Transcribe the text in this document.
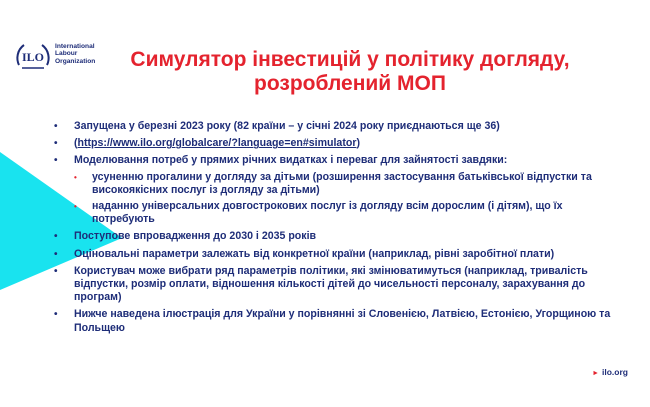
ILO
International
Labour
Organization	Симулятор інвестицій у політику догляду,
розроблений МОП
• Запущена у березні 2023 року (82 країни – у січні 2024 року приєднаються ще 36)
• (https://www.ilo.org/globalcare/?language=en#simulator)
• Моделювання потреб у прямих річних видатках і переваг для зайнятості завдяки:
• усуненню прогалини у догляду за дітьми (розширення застосування батьківської відпустки та високоякісних послуг із догляду за дітьми)
• наданню універсальних довгострокових послуг із догляду всім дорослим (і дітям), що їх потребують
• Поступове впровадження до 2030 і 2035 років
• Оціновальні параметри залежать від конкретної країни (наприклад, рівні заробітної плати)
• Користувач може вибрати ряд параметрів політики, які змінюватимуться (наприклад, тривалість відпустки, розмір оплати, відношення кількості дітей до чисельності персоналу, зарахування до програм)
• Нижче наведена ілюстрація для України у порівнянні зі Словенією, Латвією, Естонією, Угорщиною та Польщею
► ilo.org
